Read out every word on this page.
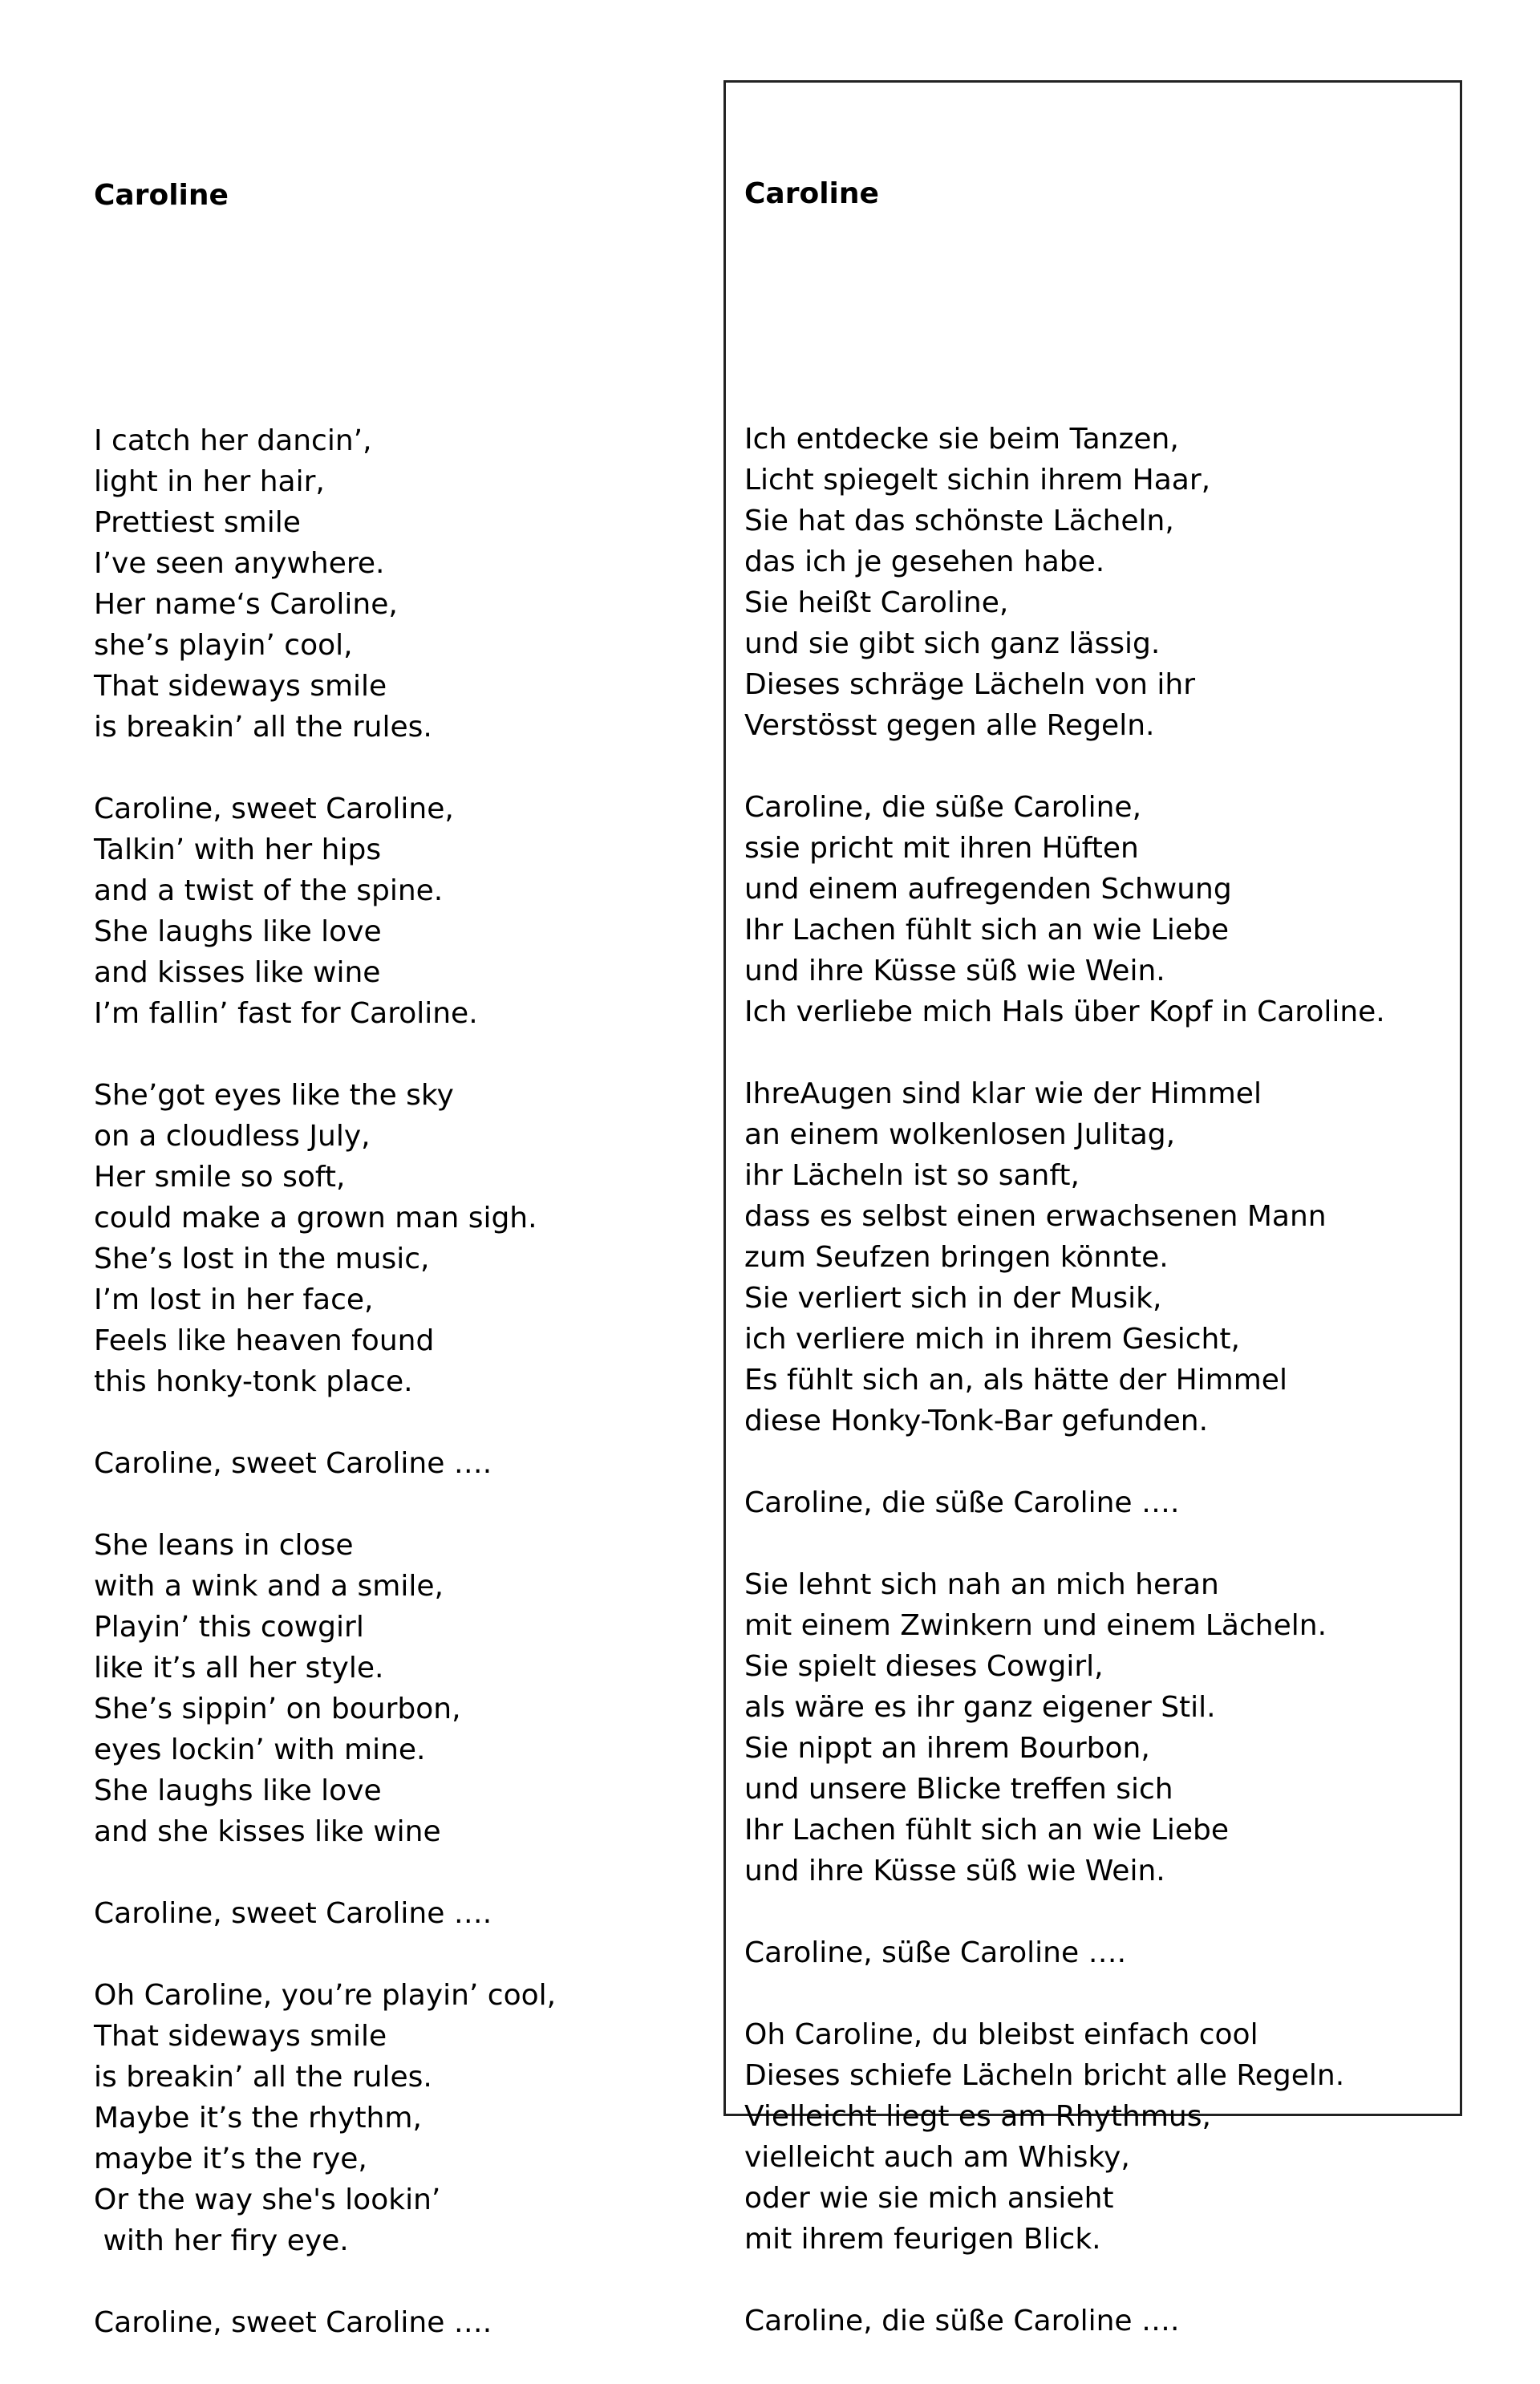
Caroline

I catch her dancin’,
light in her hair,
Prettiest smile
I’ve seen anywhere.
Her name‘s Caroline,
she’s playin’ cool,
That sideways smile
is breakin’ all the rules.
Caroline, sweet Caroline,
Talkin’ with her hips
and a twist of the spine.
She laughs like love
and kisses like wine
I’m fallin’ fast for Caroline.
She’got eyes like the sky
on a cloudless July,
Her smile so soft,
could make a grown man sigh.
She’s lost in the music,
I’m lost in her face,
Feels like heaven found
this honky-tonk place.
Caroline, sweet Caroline ….
She leans in close
with a wink and a smile,
Playin’ this cowgirl
like it’s all her style.
She’s sippin’ on bourbon,
eyes lockin’ with mine.
She laughs like love
and she kisses like wine
Caroline, sweet Caroline ….
Oh Caroline, you’re playin’ cool,
That sideways smile
is breakin’ all the rules.
Maybe it’s the rhythm,
maybe it’s the rye,
Or the way she's lookin’
with her firy eye.
Caroline, sweet Caroline ….

Caroline

Ich entdecke sie beim Tanzen,
Licht spiegelt sichin ihrem Haar,
Sie hat das schönste Lächeln,
das ich je gesehen habe.
Sie heißt Caroline,
und sie gibt sich ganz lässig.
Dieses schräge Lächeln von ihr
Verstösst gegen alle Regeln.
Caroline, die süße Caroline,
ssie pricht mit ihren Hüften
und einem aufregenden Schwung
Ihr Lachen fühlt sich an wie Liebe
und ihre Küsse süß wie Wein.
Ich verliebe mich Hals über Kopf in Caroline.
IhreAugen sind klar wie der Himmel
an einem wolkenlosen Julitag,
ihr Lächeln ist so sanft,
dass es selbst einen erwachsenen Mann
zum Seufzen bringen könnte.
Sie verliert sich in der Musik,
ich verliere mich in ihrem Gesicht,
Es fühlt sich an, als hätte der Himmel
diese Honky-Tonk-Bar gefunden.
Caroline, die süße Caroline ….
Sie lehnt sich nah an mich heran
mit einem Zwinkern und einem Lächeln.
Sie spielt dieses Cowgirl,
als wäre es ihr ganz eigener Stil.
Sie nippt an ihrem Bourbon,
und unsere Blicke treffen sich
Ihr Lachen fühlt sich an wie Liebe
und ihre Küsse süß wie Wein.
Caroline, süße Caroline ….
Oh Caroline, du bleibst einfach cool
Dieses schiefe Lächeln bricht alle Regeln.
Vielleicht liegt es am Rhythmus,
vielleicht auch am Whisky,
oder wie sie mich ansieht
mit ihrem feurigen Blick.
Caroline, die süße Caroline ….
